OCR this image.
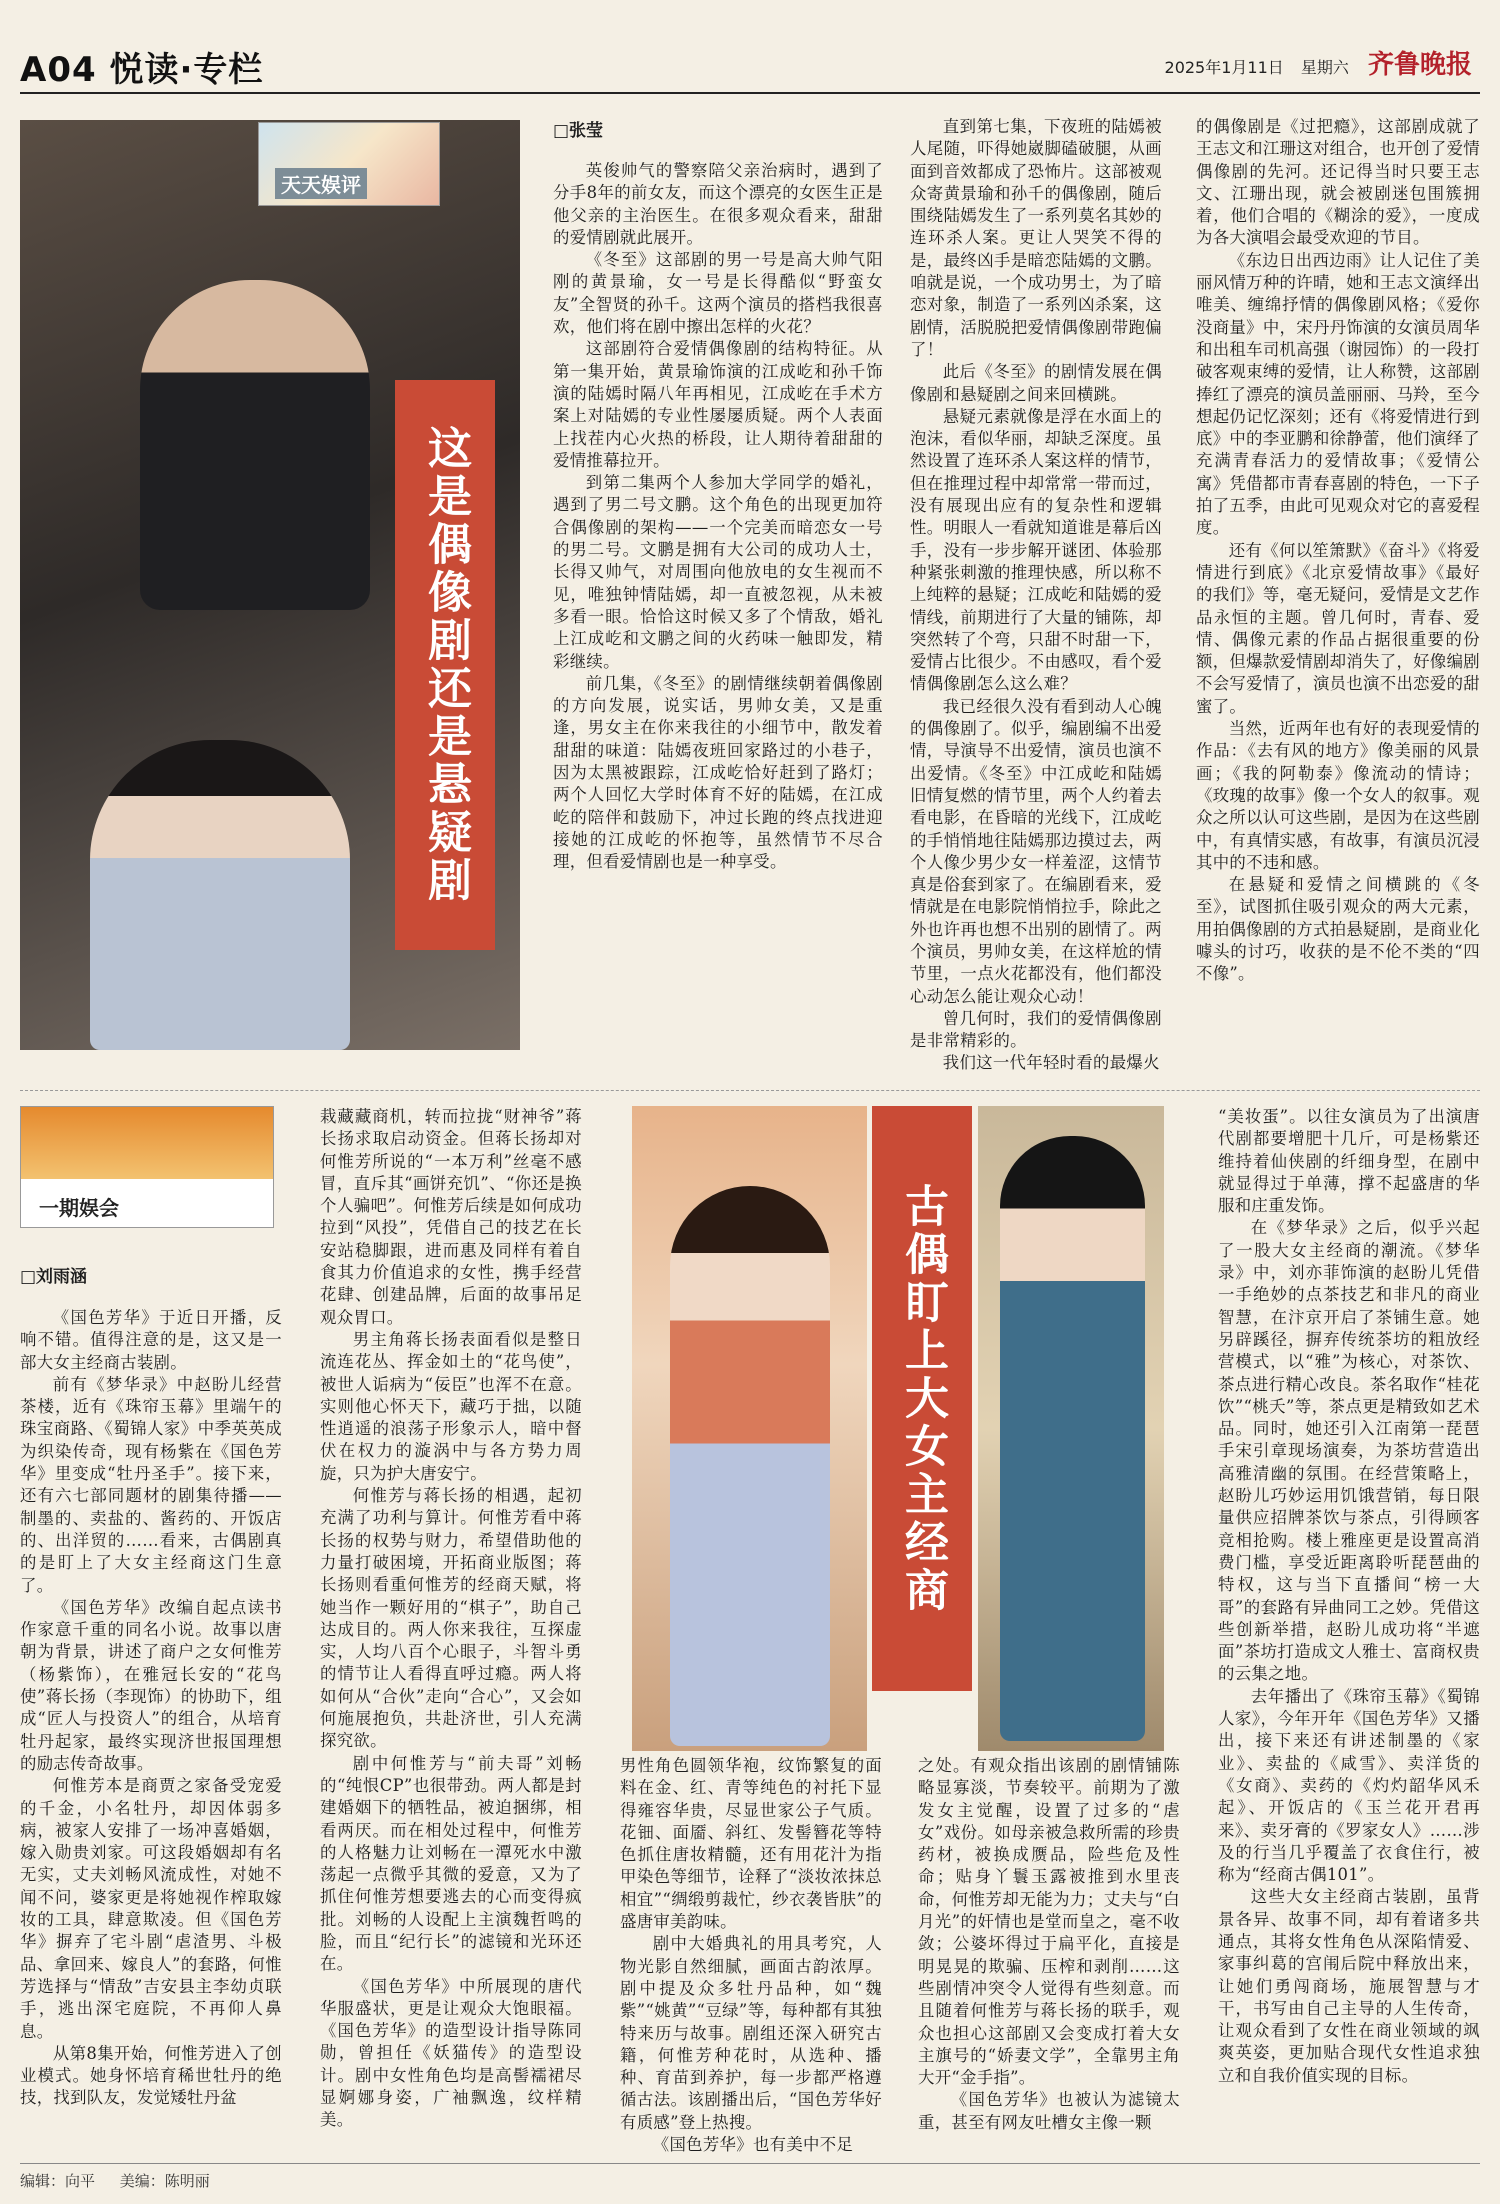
A04 悦读·专栏	2025年1月11日 星期六 齐鲁晚报
天天娱评
这是偶像剧还是悬疑剧
□张莹

英俊帅气的警察陪父亲治病时，遇到了分手8年的前女友，而这个漂亮的女医生正是他父亲的主治医生。在很多观众看来，甜甜的爱情剧就此展开。

《冬至》这部剧的男一号是高大帅气阳刚的黄景瑜，女一号是长得酷似“野蛮女友”全智贤的孙千。这两个演员的搭档我很喜欢，他们将在剧中擦出怎样的火花？

这部剧符合爱情偶像剧的结构特征。从第一集开始，黄景瑜饰演的江成屹和孙千饰演的陆嫣时隔八年再相见，江成屹在手术方案上对陆嫣的专业性屡屡质疑。两个人表面上找茬内心火热的桥段，让人期待着甜甜的爱情推幕拉开。

到第二集两个人参加大学同学的婚礼，遇到了男二号文鹏。这个角色的出现更加符合偶像剧的架构——一个完美而暗恋女一号的男二号。文鹏是拥有大公司的成功人士，长得又帅气，对周围向他放电的女生视而不见，唯独钟情陆嫣，却一直被忽视，从未被多看一眼。恰恰这时候又多了个情敌，婚礼上江成屹和文鹏之间的火药味一触即发，精彩继续。

前几集，《冬至》的剧情继续朝着偶像剧的方向发展，说实话，男帅女美，又是重逢，男女主在你来我往的小细节中，散发着甜甜的味道：陆嫣夜班回家路过的小巷子，因为太黑被跟踪，江成屹恰好赶到了路灯；两个人回忆大学时体育不好的陆嫣，在江成屹的陪伴和鼓励下，冲过长跑的终点找进迎接她的江成屹的怀抱等，虽然情节不尽合理，但看爱情剧也是一种享受。

直到第七集，下夜班的陆嫣被人尾随，吓得她崴脚磕破腿，从画面到音效都成了恐怖片。这部被观众寄黄景瑜和孙千的偶像剧，随后围绕陆嫣发生了一系列莫名其妙的连环杀人案。更让人哭笑不得的是，最终凶手是暗恋陆嫣的文鹏。咱就是说，一个成功男士，为了暗恋对象，制造了一系列凶杀案，这剧情，活脱脱把爱情偶像剧带跑偏了！

此后《冬至》的剧情发展在偶像剧和悬疑剧之间来回横跳。

悬疑元素就像是浮在水面上的泡沫，看似华丽，却缺乏深度。虽然设置了连环杀人案这样的情节，但在推理过程中却常常一带而过，没有展现出应有的复杂性和逻辑性。明眼人一看就知道谁是幕后凶手，没有一步步解开谜团、体验那种紧张刺激的推理快感，所以称不上纯粹的悬疑；江成屹和陆嫣的爱情线，前期进行了大量的铺陈，却突然转了个弯，只甜不时甜一下，爱情占比很少。不由感叹，看个爱情偶像剧怎么这么难？

我已经很久没有看到动人心魄的偶像剧了。似乎，编剧编不出爱情，导演导不出爱情，演员也演不出爱情。《冬至》中江成屹和陆嫣旧情复燃的情节里，两个人约着去看电影，在昏暗的光线下，江成屹的手悄悄地往陆嫣那边摸过去，两个人像少男少女一样羞涩，这情节真是俗套到家了。在编剧看来，爱情就是在电影院悄悄拉手，除此之外也许再也想不出别的剧情了。两个演员，男帅女美，在这样尬的情节里，一点火花都没有，他们都没心动怎么能让观众心动！

曾几何时，我们的爱情偶像剧是非常精彩的。

我们这一代年轻时看的最爆火

的偶像剧是《过把瘾》，这部剧成就了王志文和江珊这对组合，也开创了爱情偶像剧的先河。还记得当时只要王志文、江珊出现，就会被剧迷包围簇拥着，他们合唱的《糊涂的爱》，一度成为各大演唱会最受欢迎的节目。

《东边日出西边雨》让人记住了美丽风情万种的许晴，她和王志文演绎出唯美、缠绵抒情的偶像剧风格；《爱你没商量》中，宋丹丹饰演的女演员周华和出租车司机高强（谢园饰）的一段打破客观束缚的爱情，让人称赞，这部剧捧红了漂亮的演员盖丽丽、马羚，至今想起仍记忆深刻；还有《将爱情进行到底》中的李亚鹏和徐静蕾，他们演绎了充满青春活力的爱情故事；《爱情公寓》凭借都市青春喜剧的特色，一下子拍了五季，由此可见观众对它的喜爱程度。

还有《何以笙箫默》《奋斗》《将爱情进行到底》《北京爱情故事》《最好的我们》等，毫无疑问，爱情是文艺作品永恒的主题。曾几何时，青春、爱情、偶像元素的作品占据很重要的份额，但爆款爱情剧却消失了，好像编剧不会写爱情了，演员也演不出恋爱的甜蜜了。

当然，近两年也有好的表现爱情的作品：《去有风的地方》像美丽的风景画；《我的阿勒泰》像流动的情诗；《玫瑰的故事》像一个女人的叙事。观众之所以认可这些剧，是因为在这些剧中，有真情实感，有故事，有演员沉浸其中的不违和感。

在悬疑和爱情之间横跳的《冬至》，试图抓住吸引观众的两大元素，用拍偶像剧的方式拍悬疑剧，是商业化噱头的讨巧，收获的是不伦不类的“四不像”。

一期娱会
□刘雨涵

《国色芳华》于近日开播，反响不错。值得注意的是，这又是一部大女主经商古装剧。

前有《梦华录》中赵盼儿经营茶楼，近有《珠帘玉幕》里端午的珠宝商路、《蜀锦人家》中季英英成为织染传奇，现有杨紫在《国色芳华》里变成“牡丹圣手”。接下来，还有六七部同题材的剧集待播——制墨的、卖盐的、酱药的、开饭店的、出洋贸的……看来，古偶剧真的是盯上了大女主经商这门生意了。

《国色芳华》改编自起点读书作家意千重的同名小说。故事以唐朝为背景，讲述了商户之女何惟芳（杨紫饰），在雅冠长安的“花鸟使”蒋长扬（李现饰）的协助下，组成“匠人与投资人”的组合，从培育牡丹起家，最终实现济世报国理想的励志传奇故事。

何惟芳本是商贾之家备受宠爱的千金，小名牡丹，却因体弱多病，被家人安排了一场冲喜婚姻，嫁入勋贵刘家。可这段婚姻却有名无实，丈夫刘畅风流成性，对她不闻不问，婆家更是将她视作榨取嫁妆的工具，肆意欺凌。但《国色芳华》摒弃了宅斗剧“虐渣男、斗极品、拿回来、嫁良人”的套路，何惟芳选择与“情敌”吉安县主李幼贞联手，逃出深宅庭院，不再仰人鼻息。

从第8集开始，何惟芳进入了创业模式。她身怀培育稀世牡丹的绝技，找到队友，发觉矮牡丹盆

栽藏藏商机，转而拉拢“财神爷”蒋长扬求取启动资金。但蒋长扬却对何惟芳所说的“一本万利”丝毫不感冒，直斥其“画饼充饥”、“你还是换个人骗吧”。何惟芳后续是如何成功拉到“风投”，凭借自己的技艺在长安站稳脚跟，进而惠及同样有着自食其力价值追求的女性，携手经营花肆、创建品牌，后面的故事吊足观众胃口。

男主角蒋长扬表面看似是整日流连花丛、挥金如土的“花鸟使”，被世人诟病为“佞臣”也浑不在意。实则他心怀天下，藏巧于拙，以随性逍遥的浪荡子形象示人，暗中督伏在权力的漩涡中与各方势力周旋，只为护大唐安宁。

何惟芳与蒋长扬的相遇，起初充满了功利与算计。何惟芳看中蒋长扬的权势与财力，希望借助他的力量打破困境，开拓商业版图；蒋长扬则看重何惟芳的经商天赋，将她当作一颗好用的“棋子”，助自己达成目的。两人你来我往，互探虚实，人均八百个心眼子，斗智斗勇的情节让人看得直呼过瘾。两人将如何从“合伙”走向“合心”，又会如何施展抱负，共赴济世，引人充满探究欲。

剧中何惟芳与“前夫哥”刘畅的“纯恨CP”也很带劲。两人都是封建婚姻下的牺牲品，被迫捆绑，相看两厌。而在相处过程中，何惟芳的人格魅力让刘畅在一潭死水中激荡起一点微乎其微的爱意，又为了抓住何惟芳想要逃去的心而变得疯批。刘畅的人设配上主演魏哲鸣的脸，而且“纪行长”的滤镜和光环还在。

《国色芳华》中所展现的唐代华服盛状，更是让观众大饱眼福。《国色芳华》的造型设计指导陈同勋，曾担任《妖猫传》的造型设计。剧中女性角色均是高髻襦裙尽显婀娜身姿，广袖飘逸，纹样精美。

古偶盯上大女主经商

男性角色圆领华袍，纹饰繁复的面料在金、红、青等纯色的衬托下显得雍容华贵，尽显世家公子气质。花钿、面靥、斜红、发髻簪花等特色抓住唐妆精髓，还有用花汁为指甲染色等细节，诠释了“淡妆浓抹总相宜”“绸缎剪裁忙，纱衣袭皆肤”的盛唐审美韵味。

剧中大婚典礼的用具考究，人物光影自然细腻，画面古韵浓厚。剧中提及众多牡丹品种，如“魏紫”“姚黄”“豆绿”等，每种都有其独特来历与故事。剧组还深入研究古籍，何惟芳种花时，从选种、播种、育苗到养护，每一步都严格遵循古法。该剧播出后，“国色芳华好有质感”登上热搜。

《国色芳华》也有美中不足

之处。有观众指出该剧的剧情铺陈略显寡淡，节奏较平。前期为了激发女主觉醒，设置了过多的“虐女”戏份。如母亲被急救所需的珍贵药材，被换成赝品，险些危及性命；贴身丫鬟玉露被推到水里丧命，何惟芳却无能为力；丈夫与“白月光”的奸情也是堂而皇之，毫不收敛；公婆坏得过于扁平化，直接是明晃晃的欺骗、压榨和剥削……这些剧情冲突令人觉得有些刻意。而且随着何惟芳与蒋长扬的联手，观众也担心这部剧又会变成打着大女主旗号的“娇妻文学”，全靠男主角大开“金手指”。

《国色芳华》也被认为滤镜太重，甚至有网友吐槽女主像一颗

“美妆蛋”。以往女演员为了出演唐代剧都要增肥十几斤，可是杨紫还维持着仙侠剧的纤细身型，在剧中就显得过于单薄，撑不起盛唐的华服和庄重发饰。

在《梦华录》之后，似乎兴起了一股大女主经商的潮流。《梦华录》中，刘亦菲饰演的赵盼儿凭借一手绝妙的点茶技艺和非凡的商业智慧，在汴京开启了茶铺生意。她另辟蹊径，摒弃传统茶坊的粗放经营模式，以“雅”为核心，对茶饮、茶点进行精心改良。茶名取作“桂花饮”“桃夭”等，茶点更是精致如艺术品。同时，她还引入江南第一琵琶手宋引章现场演奏，为茶坊营造出高雅清幽的氛围。在经营策略上，赵盼儿巧妙运用饥饿营销，每日限量供应招牌茶饮与茶点，引得顾客竞相抢购。楼上雅座更是设置高消费门槛，享受近距离聆听琵琶曲的特权，这与当下直播间“榜一大哥”的套路有异曲同工之妙。凭借这些创新举措，赵盼儿成功将“半遮面”茶坊打造成文人雅士、富商权贵的云集之地。

去年播出了《珠帘玉幕》《蜀锦人家》，今年开年《国色芳华》又播出，接下来还有讲述制墨的《家业》、卖盐的《咸雪》、卖洋货的《女商》、卖药的《灼灼韶华风禾起》、开饭店的《玉兰花开君再来》、卖牙膏的《罗家女人》……涉及的行当几乎覆盖了衣食住行，被称为“经商古偶101”。

这些大女主经商古装剧，虽背景各异、故事不同，却有着诸多共通点，其将女性角色从深陷情爱、家事纠葛的宫闱后院中释放出来，让她们勇闯商场，施展智慧与才干，书写由自己主导的人生传奇，让观众看到了女性在商业领域的飒爽英姿，更加贴合现代女性追求独立和自我价值实现的目标。

编辑：向平 美编：陈明丽
